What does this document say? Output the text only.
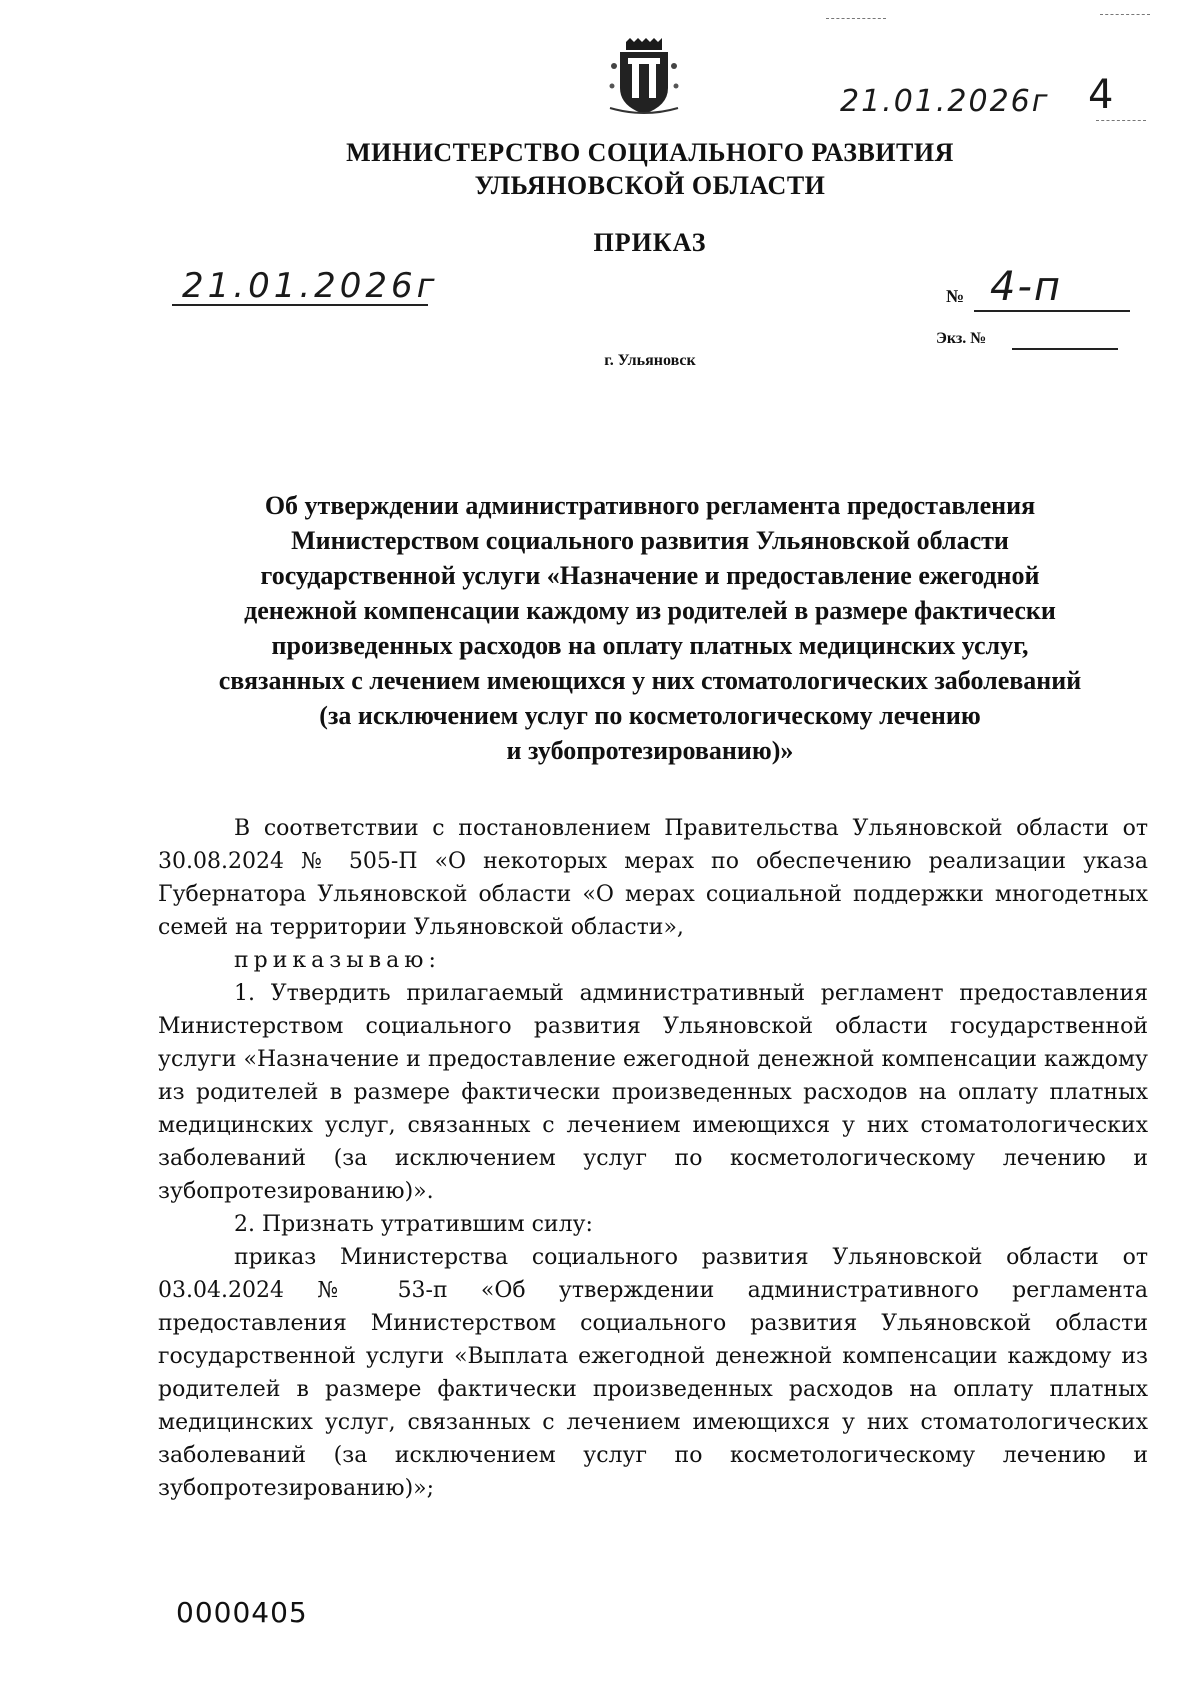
21.01.2026г 4
МИНИСТЕРСТВО СОЦИАЛЬНОГО РАЗВИТИЯ
УЛЬЯНОВСКОЙ ОБЛАСТИ
ПРИКАЗ
21.01.2026г	№ 4-п
Экз. №
г. Ульяновск
Об утверждении административного регламента предоставления
Министерством социального развития Ульяновской области
государственной услуги «Назначение и предоставление ежегодной
денежной компенсации каждому из родителей в размере фактически
произведенных расходов на оплату платных медицинских услуг,
связанных с лечением имеющихся у них стоматологических заболеваний
(за исключением услуг по косметологическому лечению
и зубопротезированию)»

В соответствии с постановлением Правительства Ульяновской области от 30.08.2024 № 505-П «О некоторых мерах по обеспечению реализации указа Губернатора Ульяновской области «О мерах социальной поддержки многодетных семей на территории Ульяновской области»,

приказываю:

1. Утвердить прилагаемый административный регламент предоставления Министерством социального развития Ульяновской области государственной услуги «Назначение и предоставление ежегодной денежной компенсации каждому из родителей в размере фактически произведенных расходов на оплату платных медицинских услуг, связанных с лечением имеющихся у них стоматологических заболеваний (за исключением услуг по косметологическому лечению и зубопротезированию)».

2. Признать утратившим силу:

приказ Министерства социального развития Ульяновской области от 03.04.2024 № 53-п «Об утверждении административного регламента предоставления Министерством социального развития Ульяновской области государственной услуги «Выплата ежегодной денежной компенсации каждому из родителей в размере фактически произведенных расходов на оплату платных медицинских услуг, связанных с лечением имеющихся у них стоматологических заболеваний (за исключением услуг по косметологическому лечению и зубопротезированию)»;

0000405
